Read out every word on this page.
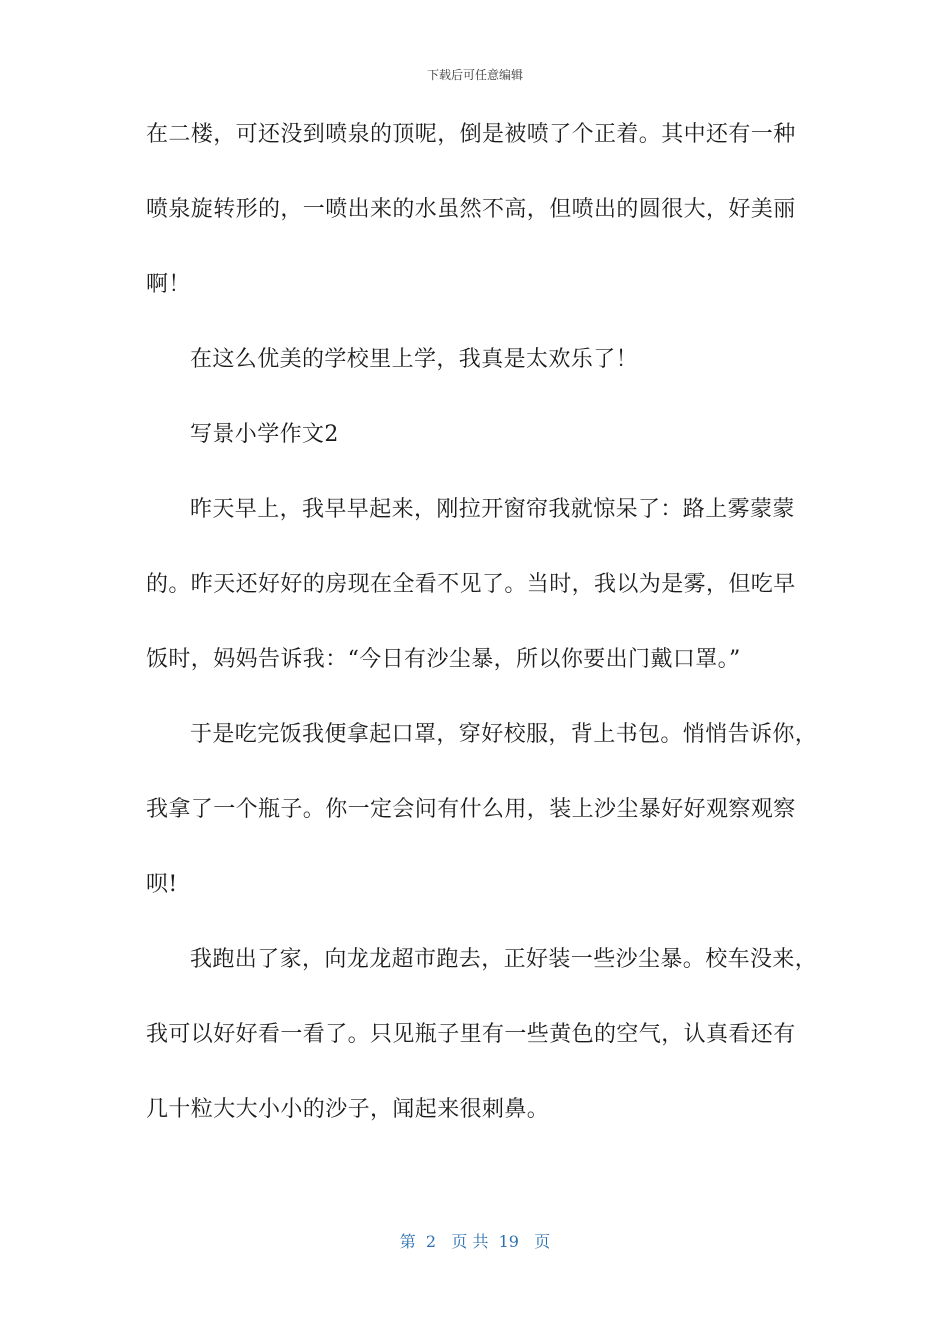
下载后可任意编辑
在二楼，可还没到喷泉的顶呢，倒是被喷了个正着。其中还有一种
喷泉旋转形的，一喷出来的水虽然不高，但喷出的圆很大，好美丽
啊！
在这么优美的学校里上学，我真是太欢乐了！
写景小学作文2
昨天早上，我早早起来，刚拉开窗帘我就惊呆了：路上雾蒙蒙
的。昨天还好好的房现在全看不见了。当时，我以为是雾，但吃早
饭时，妈妈告诉我：“今日有沙尘暴，所以你要出门戴口罩。”
于是吃完饭我便拿起口罩，穿好校服，背上书包。悄悄告诉你，
我拿了一个瓶子。你一定会问有什么用，装上沙尘暴好好观察观察
呗!
我跑出了家，向龙龙超市跑去，正好装一些沙尘暴。校车没来，
我可以好好看一看了。只见瓶子里有一些黄色的空气，认真看还有
几十粒大大小小的沙子，闻起来很刺鼻。
第  2   页 共  19   页
